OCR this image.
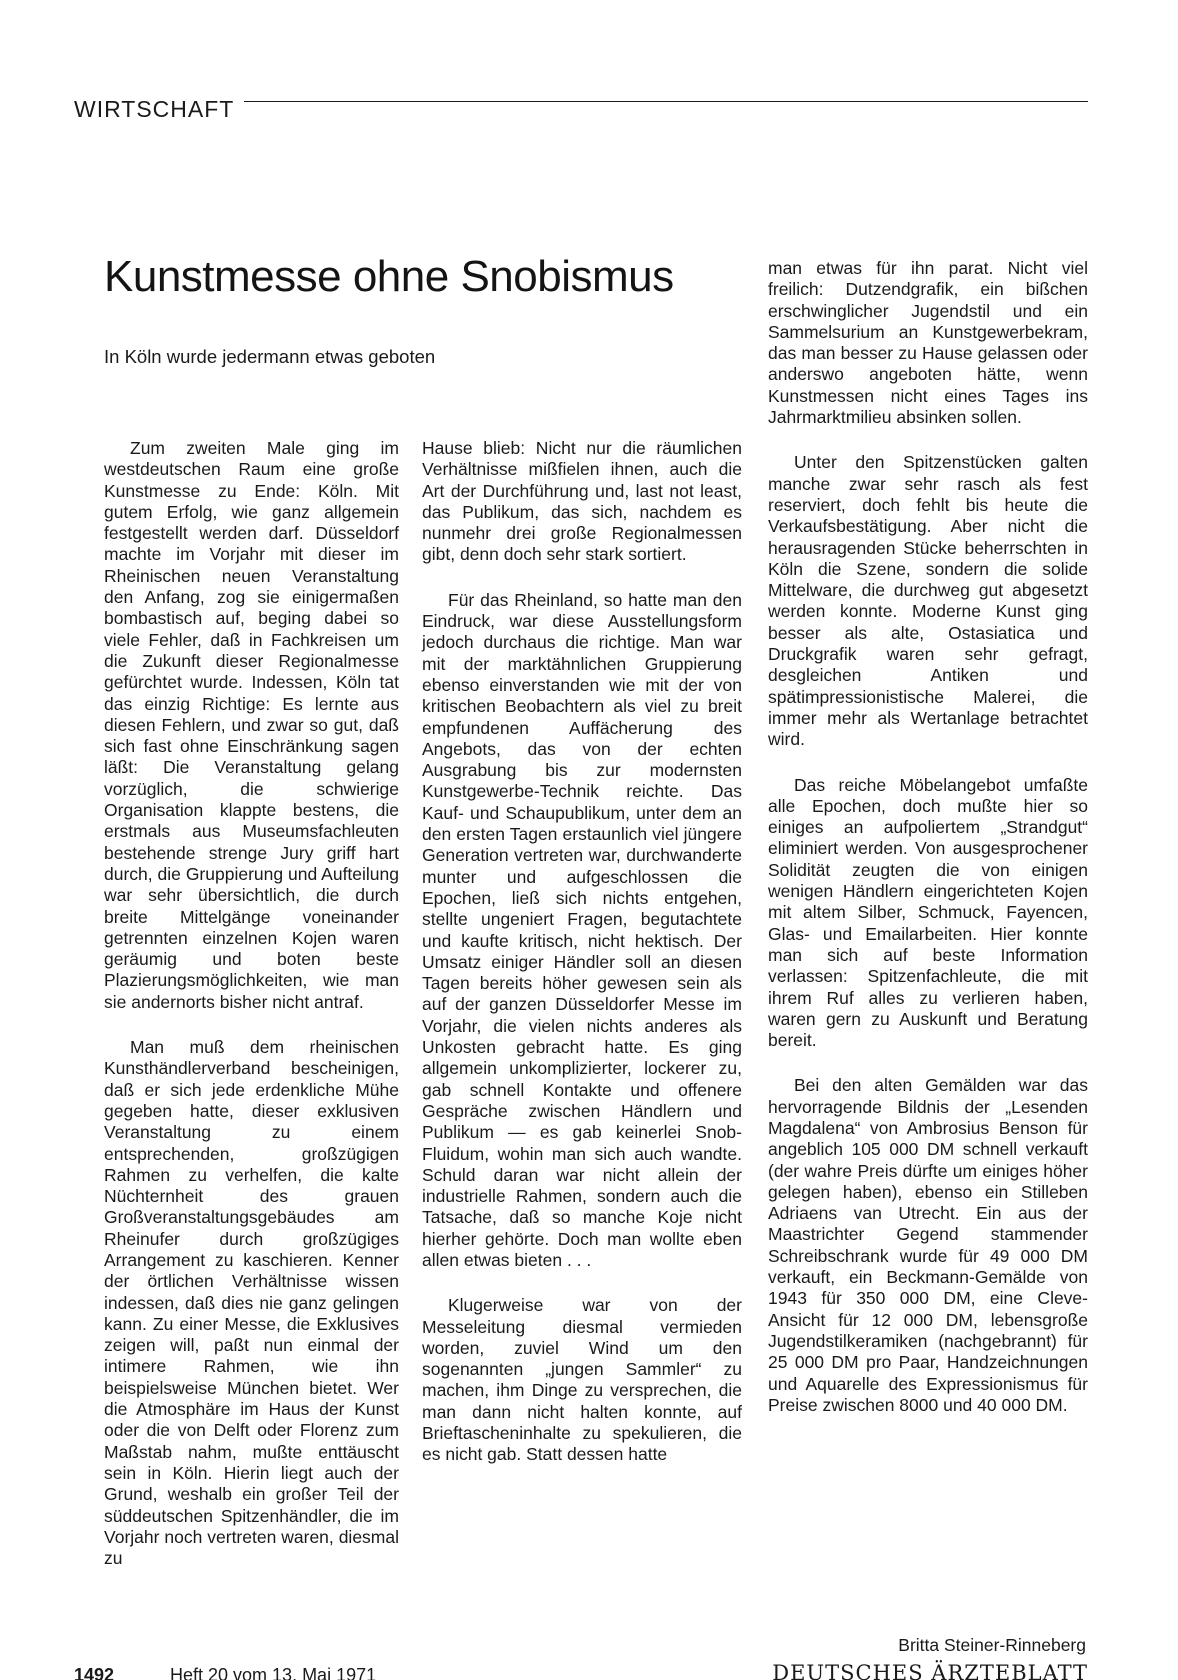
WIRTSCHAFT
Kunstmesse ohne Snobismus
In Köln wurde jedermann etwas geboten

Zum zweiten Male ging im westdeutschen Raum eine große Kunstmesse zu Ende: Köln. Mit gutem Erfolg, wie ganz allgemein festgestellt werden darf. Düsseldorf machte im Vorjahr mit dieser im Rheinischen neuen Veranstaltung den Anfang, zog sie einigermaßen bombastisch auf, beging dabei so viele Fehler, daß in Fachkreisen um die Zukunft dieser Regionalmesse gefürchtet wurde. Indessen, Köln tat das einzig Richtige: Es lernte aus diesen Fehlern, und zwar so gut, daß sich fast ohne Einschränkung sagen läßt: Die Veranstaltung gelang vorzüglich, die schwierige Organisation klappte bestens, die erstmals aus Museumsfachleuten bestehende strenge Jury griff hart durch, die Gruppierung und Aufteilung war sehr übersichtlich, die durch breite Mittelgänge voneinander getrennten einzelnen Kojen waren geräumig und boten beste Plazierungsmöglichkeiten, wie man sie andernorts bisher nicht antraf.

Man muß dem rheinischen Kunsthändlerverband bescheinigen, daß er sich jede erdenkliche Mühe gegeben hatte, dieser exklusiven Veranstaltung zu einem entsprechenden, großzügigen Rahmen zu verhelfen, die kalte Nüchternheit des grauen Großveranstaltungsgebäudes am Rheinufer durch großzügiges Arrangement zu kaschieren. Kenner der örtlichen Verhältnisse wissen indessen, daß dies nie ganz gelingen kann. Zu einer Messe, die Exklusives zeigen will, paßt nun einmal der intimere Rahmen, wie ihn beispielsweise München bietet. Wer die Atmosphäre im Haus der Kunst oder die von Delft oder Florenz zum Maßstab nahm, mußte enttäuscht sein in Köln. Hierin liegt auch der Grund, weshalb ein großer Teil der süddeutschen Spitzenhändler, die im Vorjahr noch vertreten waren, diesmal zu

Hause blieb: Nicht nur die räumlichen Verhältnisse mißfielen ihnen, auch die Art der Durchführung und, last not least, das Publikum, das sich, nachdem es nunmehr drei große Regionalmessen gibt, denn doch sehr stark sortiert.

Für das Rheinland, so hatte man den Eindruck, war diese Ausstellungsform jedoch durchaus die richtige. Man war mit der marktähnlichen Gruppierung ebenso einverstanden wie mit der von kritischen Beobachtern als viel zu breit empfundenen Auffächerung des Angebots, das von der echten Ausgrabung bis zur modernsten Kunstgewerbe-Technik reichte. Das Kauf- und Schaupublikum, unter dem an den ersten Tagen erstaunlich viel jüngere Generation vertreten war, durchwanderte munter und aufgeschlossen die Epochen, ließ sich nichts entgehen, stellte ungeniert Fragen, begutachtete und kaufte kritisch, nicht hektisch. Der Umsatz einiger Händler soll an diesen Tagen bereits höher gewesen sein als auf der ganzen Düsseldorfer Messe im Vorjahr, die vielen nichts anderes als Unkosten gebracht hatte. Es ging allgemein unkomplizierter, lockerer zu, gab schnell Kontakte und offenere Gespräche zwischen Händlern und Publikum — es gab keinerlei Snob-Fluidum, wohin man sich auch wandte. Schuld daran war nicht allein der industrielle Rahmen, sondern auch die Tatsache, daß so manche Koje nicht hierher gehörte. Doch man wollte eben allen etwas bieten . . .

Klugerweise war von der Messeleitung diesmal vermieden worden, zuviel Wind um den sogenannten „jungen Sammler“ zu machen, ihm Dinge zu versprechen, die man dann nicht halten konnte, auf Brieftascheninhalte zu spekulieren, die es nicht gab. Statt dessen hatte

man etwas für ihn parat. Nicht viel freilich: Dutzendgrafik, ein bißchen erschwinglicher Jugendstil und ein Sammelsurium an Kunstgewerbekram, das man besser zu Hause gelassen oder anderswo angeboten hätte, wenn Kunstmessen nicht eines Tages ins Jahrmarktmilieu absinken sollen.

Unter den Spitzenstücken galten manche zwar sehr rasch als fest reserviert, doch fehlt bis heute die Verkaufsbestätigung. Aber nicht die herausragenden Stücke beherrschten in Köln die Szene, sondern die solide Mittelware, die durchweg gut abgesetzt werden konnte. Moderne Kunst ging besser als alte, Ostasiatica und Druckgrafik waren sehr gefragt, desgleichen Antiken und spätimpressionistische Malerei, die immer mehr als Wertanlage betrachtet wird.

Das reiche Möbelangebot umfaßte alle Epochen, doch mußte hier so einiges an aufpoliertem „Strandgut“ eliminiert werden. Von ausgesprochener Solidität zeugten die von einigen wenigen Händlern eingerichteten Kojen mit altem Silber, Schmuck, Fayencen, Glas- und Emailarbeiten. Hier konnte man sich auf beste Information verlassen: Spitzenfachleute, die mit ihrem Ruf alles zu verlieren haben, waren gern zu Auskunft und Beratung bereit.

Bei den alten Gemälden war das hervorragende Bildnis der „Lesenden Magdalena“ von Ambrosius Benson für angeblich 105 000 DM schnell verkauft (der wahre Preis dürfte um einiges höher gelegen haben), ebenso ein Stilleben Adriaens van Utrecht. Ein aus der Maastrichter Gegend stammender Schreibschrank wurde für 49 000 DM verkauft, ein Beckmann-Gemälde von 1943 für 350 000 DM, eine Cleve-Ansicht für 12 000 DM, lebensgroße Jugendstilkeramiken (nachgebrannt) für 25 000 DM pro Paar, Handzeichnungen und Aquarelle des Expressionismus für Preise zwischen 8000 und 40 000 DM.

Britta Steiner-Rinneberg
1492	Heft 20 vom 13. Mai 1971	DEUTSCHES ÄRZTEBLATT
